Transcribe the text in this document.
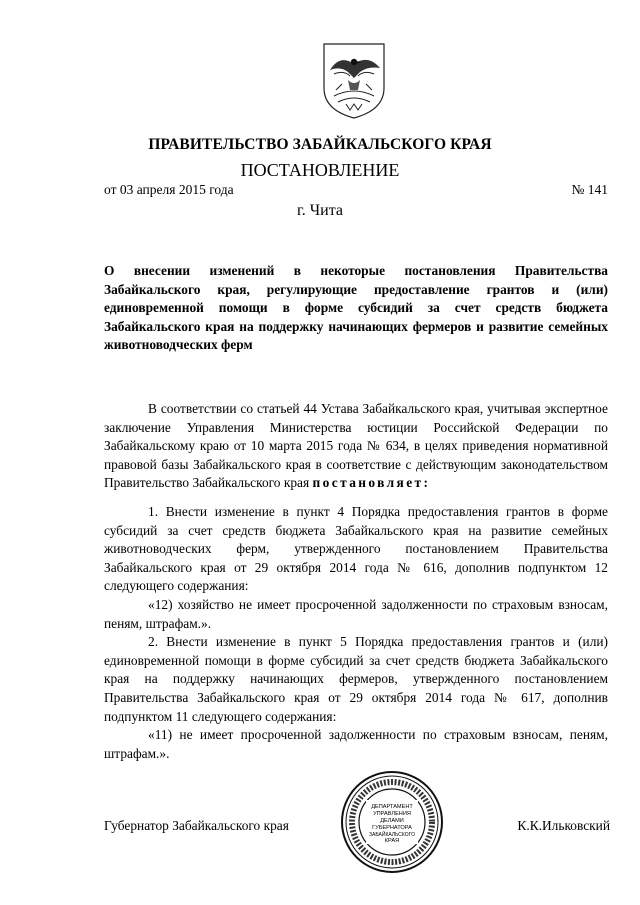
ПРАВИТЕЛЬСТВО ЗАБАЙКАЛЬСКОГО КРАЯ
ПОСТАНОВЛЕНИЕ
от 03 апреля 2015 года	№ 141
г. Чита
О внесении изменений в некоторые постановления Правительства Забайкальского края, регулирующие предоставление грантов и (или) единовременной помощи в форме субсидий за счет средств бюджета Забайкальского края на поддержку начинающих фермеров и развитие семейных животноводческих ферм

В соответствии со статьей 44 Устава Забайкальского края, учитывая экспертное заключение Управления Министерства юстиции Российской Федерации по Забайкальскому краю от 10 марта 2015 года № 634, в целях приведения нормативной правовой базы Забайкальского края в соответствие с действующим законодательством Правительство Забайкальского края постановляет:

1. Внести изменение в пункт 4 Порядка предоставления грантов в форме субсидий за счет средств бюджета Забайкальского края на развитие семейных животноводческих ферм, утвержденного постановлением Правительства Забайкальского края от 29 октября 2014 года № 616, дополнив подпунктом 12 следующего содержания:

«12) хозяйство не имеет просроченной задолженности по страховым взносам, пеням, штрафам.».

2. Внести изменение в пункт 5 Порядка предоставления грантов и (или) единовременной помощи в форме субсидий за счет средств бюджета Забайкальского края на поддержку начинающих фермеров, утвержденного постановлением Правительства Забайкальского края от 29 октября 2014 года № 617, дополнив подпунктом 11 следующего содержания:

«11) не имеет просроченной задолженности по страховым взносам, пеням, штрафам.».

Губернатор Забайкальского края	К.К.Ильковский
ДЕПАРТАМЕНТ
УПРАВЛЕНИЯ
ДЕЛАМИ
ГУБЕРНАТОРА
ЗАБАЙКАЛЬСКОГО
КРАЯ
